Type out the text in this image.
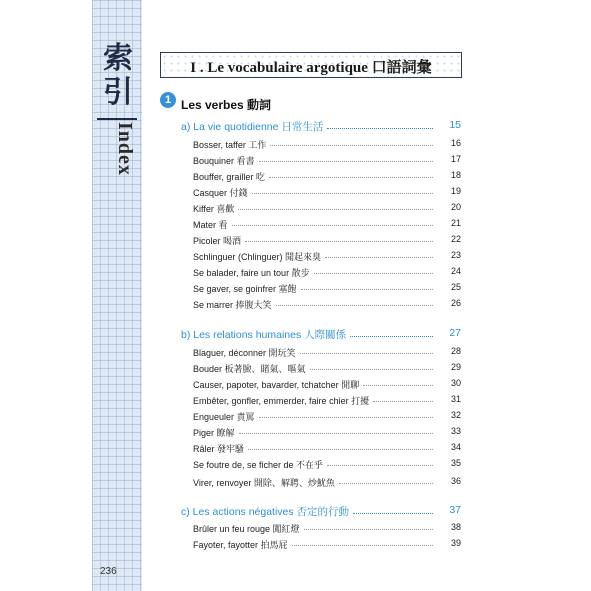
索
引
Index
236
I . Le vocabulaire argotique 口語詞彙
1 Les verbes 動詞
a) La vie quotidienne 日常生活	15
Bosser, taffer 工作	16
Bouquiner 看書	17
Bouffer, grailler 吃	18
Casquer 付錢	19
Kiffer 喜歡	20
Mater 看	21
Picoler 喝酒	22
Schlinguer (Chlinguer) 聞起來臭	23
Se balader, faire un tour 散步	24
Se gaver, se goinfrer 塞飽	25
Se marrer 捧腹大笑	26
b) Les relations humaines 人際關係	27
Blaguer, déconner 開玩笑	28
Bouder 板著臉、賭氣、嘔氣	29
Causer, papoter, bavarder, tchatcher 閒聊	30
Embêter, gonfler, emmerder, faire chier 打擾	31
Engueuler 責罵	32
Piger 瞭解	33
Râler 發牢騷	34
Se foutre de, se ficher de 不在乎	35
Virer, renvoyer 開除、解聘、炒魷魚	36
c) Les actions négatives 否定的行動	37
Brûler un feu rouge 闖紅燈	38
Fayoter, fayotter 拍馬屁	39
